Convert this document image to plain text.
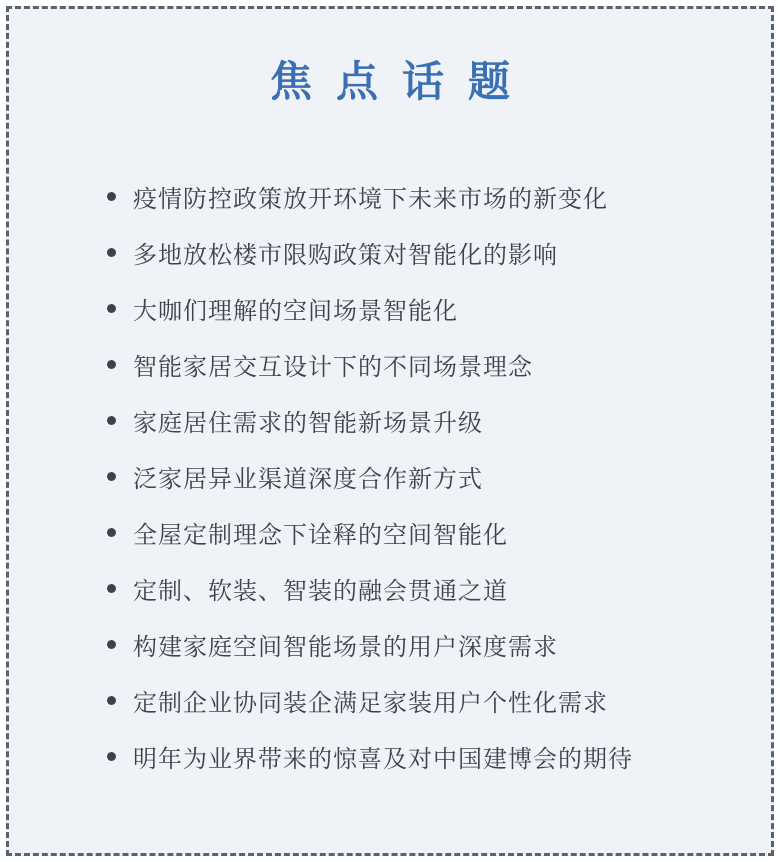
焦点话题
疫情防控政策放开环境下未来市场的新变化
多地放松楼市限购政策对智能化的影响
大咖们理解的空间场景智能化
智能家居交互设计下的不同场景理念
家庭居住需求的智能新场景升级
泛家居异业渠道深度合作新方式
全屋定制理念下诠释的空间智能化
定制、软装、智装的融会贯通之道
构建家庭空间智能场景的用户深度需求
定制企业协同装企满足家装用户个性化需求
明年为业界带来的惊喜及对中国建博会的期待
